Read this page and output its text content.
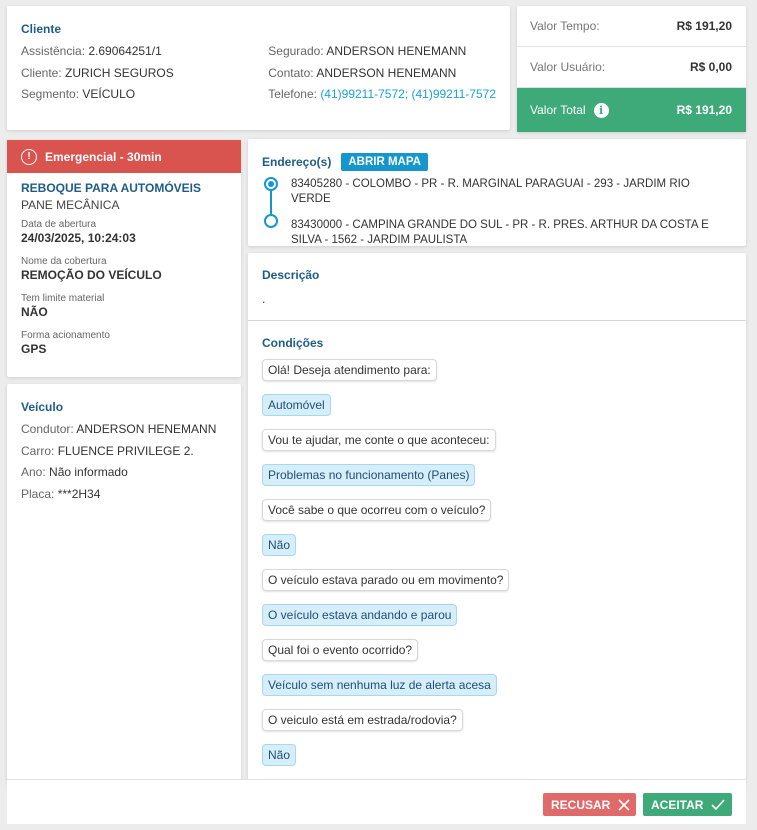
Cliente
Assistência: 2.69064251/1
Cliente: ZURICH SEGUROS
Segmento: VEÍCULO
Segurado: ANDERSON HENEMANN
Contato: ANDERSON HENEMANN
Telefone: (41)99211-7572; (41)99211-7572
Valor Tempo:	R$ 191,20
Valor Usuário:	R$ 0,00
Valor Total	i	R$ 191,20
!	Emergencial - 30min
REBOQUE PARA AUTOMÓVEIS
PANE MECÂNICA
Data de abertura
24/03/2025, 10:24:03
Nome da cobertura
REMOÇÃO DO VEÍCULO
Tem limite material
NÃO
Forma acionamento
GPS
Veículo
Condutor: ANDERSON HENEMANN
Carro: FLUENCE PRIVILEGE 2.
Ano: Não informado
Placa: ***2H34
Endereço(s)	ABRIR MAPA
83405280 - COLOMBO - PR - R. MARGINAL PARAGUAI - 293 - JARDIM RIO VERDE
83430000 - CAMPINA GRANDE DO SUL - PR - R. PRES. ARTHUR DA COSTA E SILVA - 1562 - JARDIM PAULISTA
Descrição
.
Condições
Olá! Deseja atendimento para:
Automóvel
Vou te ajudar, me conte o que aconteceu:
Problemas no funcionamento (Panes)
Você sabe o que ocorreu com o veículo?
Não
O veículo estava parado ou em movimento?
O veículo estava andando e parou
Qual foi o evento ocorrido?
Veículo sem nenhuma luz de alerta acesa
O veiculo está em estrada/rodovia?
Não
RECUSAR	ACEITAR
